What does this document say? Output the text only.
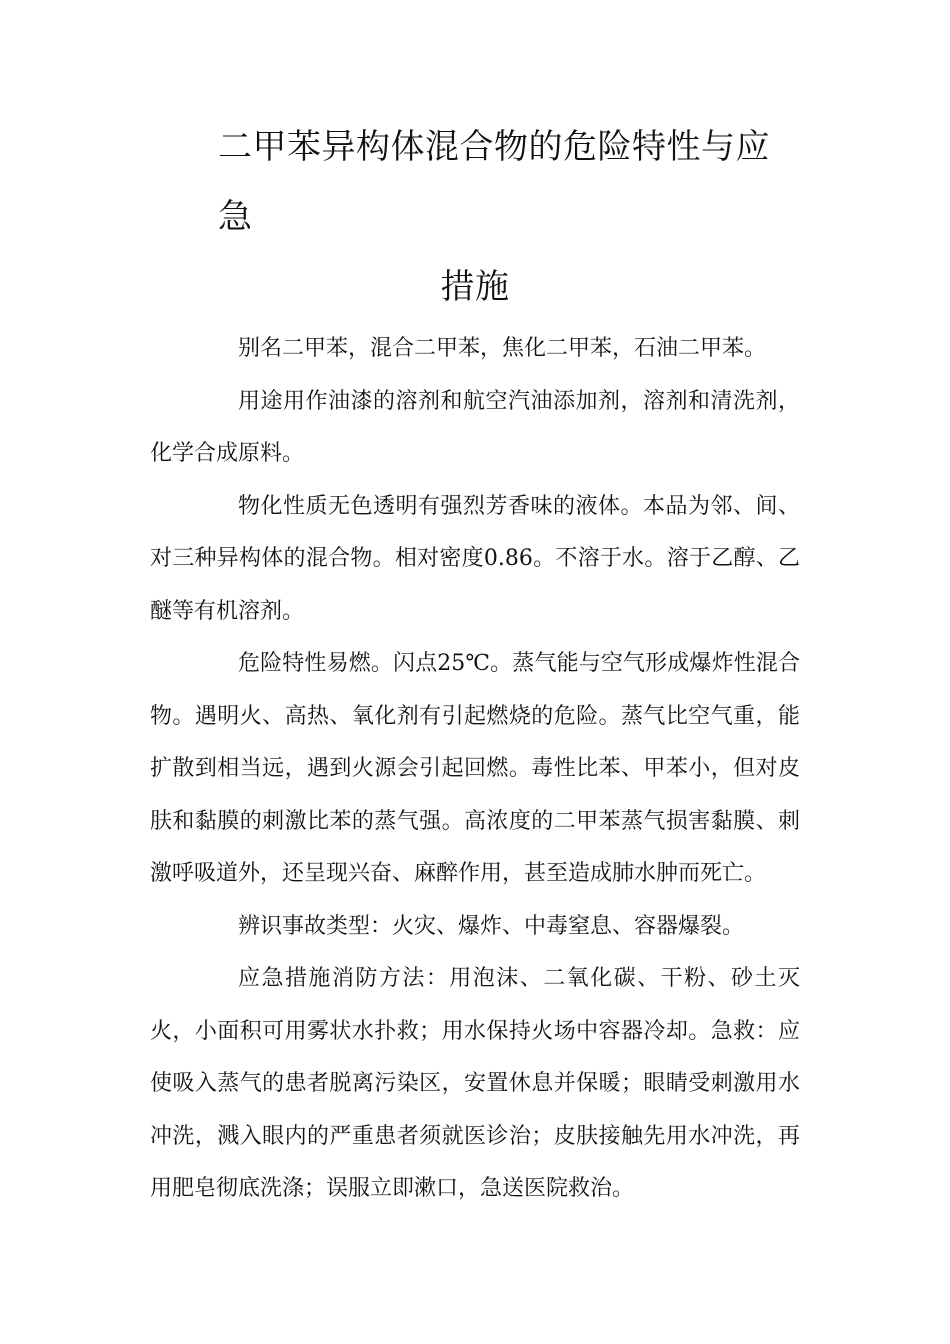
二甲苯异构体混合物的危险特性与应急
措施

别名二甲苯，混合二甲苯，焦化二甲苯，石油二甲苯。

用途用作油漆的溶剂和航空汽油添加剂，溶剂和清洗剂，化学合成原料。

物化性质无色透明有强烈芳香味的液体。本品为邻、间、对三种异构体的混合物。相对密度0.86。不溶于水。溶于乙醇、乙醚等有机溶剂。

危险特性易燃。闪点25℃。蒸气能与空气形成爆炸性混合物。遇明火、高热、氧化剂有引起燃烧的危险。蒸气比空气重，能扩散到相当远，遇到火源会引起回燃。毒性比苯、甲苯小，但对皮肤和黏膜的刺激比苯的蒸气强。高浓度的二甲苯蒸气损害黏膜、刺激呼吸道外，还呈现兴奋、麻醉作用，甚至造成肺水肿而死亡。

辨识事故类型：火灾、爆炸、中毒窒息、容器爆裂。

应急措施消防方法：用泡沫、二氧化碳、干粉、砂土灭火，小面积可用雾状水扑救；用水保持火场中容器冷却。急救：应使吸入蒸气的患者脱离污染区，安置休息并保暖；眼睛受刺激用水冲洗，溅入眼内的严重患者须就医诊治；皮肤接触先用水冲洗，再用肥皂彻底洗涤；误服立即漱口，急送医院救治。
